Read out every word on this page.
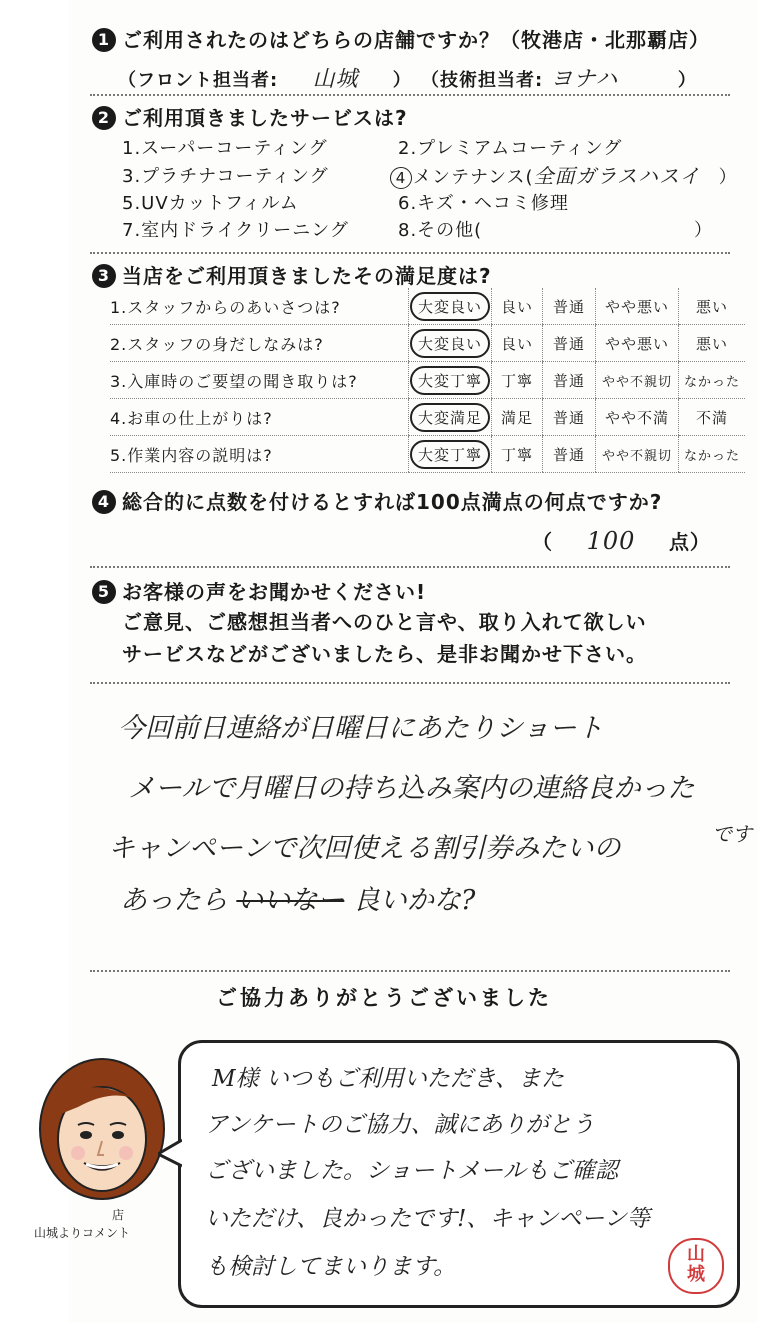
1 ご利用されたのはどちらの店舗ですか？（牧港店・北那覇店）
（フロント担当者: 山城 ） （技術担当者: ヨナハ	）
2 ご利用頂きましたサービスは?
1.スーパーコーティング	2.プレミアムコーティング
3.プラチナコーティング	4 メンテナンス(全面ガラスハスイ ）
5.UVカットフィルム	6.キズ・ヘコミ修理
7.室内ドライクリーニング	8.その他(	）
3 当店をご利用頂きましたその満足度は?
1.スタッフからのあいさつは?	大変良い	良い	普通	やや悪い	悪い
2.スタッフの身だしなみは?	大変良い	良い	普通	やや悪い	悪い
3.入庫時のご要望の聞き取りは?	大変丁寧	丁寧	普通	やや不親切	なかった
4.お車の仕上がりは?	大変満足	満足	普通	やや不満	不満
5.作業内容の説明は?	大変丁寧	丁寧	普通	やや不親切	なかった
4 総合的に点数を付けるとすれば100点満点の何点ですか?
（ 100 点）
5 お客様の声をお聞かせください!
ご意見、ご感想担当者へのひと言や、取り入れて欲しい
サービスなどがございましたら、是非お聞かせ下さい。
今回前日連絡が日曜日にあたりショート
メールで月曜日の持ち込み案内の連絡良かった
です
キャンペーンで次回使える割引券みたいの
あったら いいなー 良いかな?
ご協力ありがとうございました
店
山城よりコメント
M様 いつもご利用いただき、また
アンケートのご協力、誠にありがとう
ございました。ショートメールもご確認
いただけ、良かったです!、キャンペーン等
も検討してまいります。	山
城
